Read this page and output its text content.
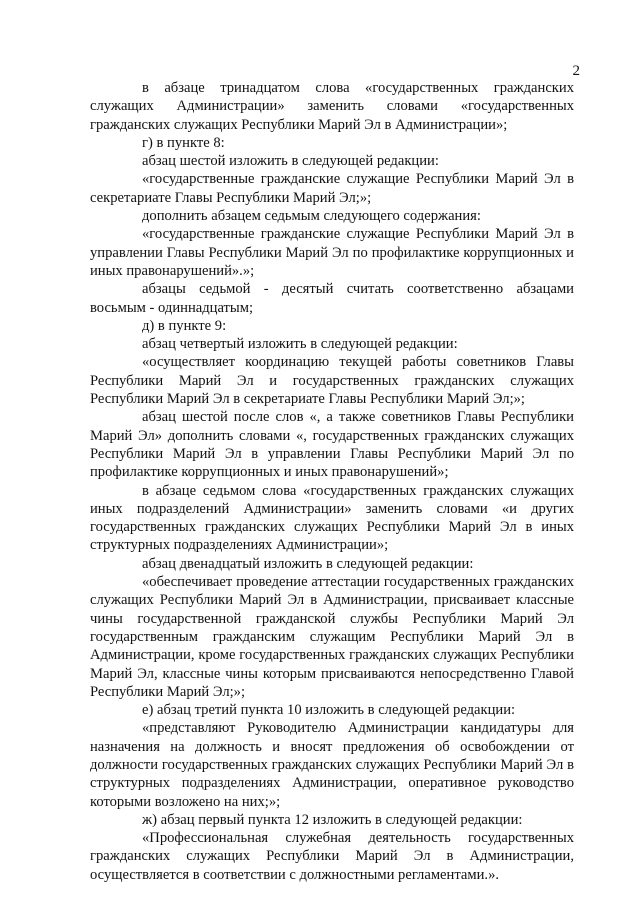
2

в абзаце тринадцатом слова «государственных гражданских служащих Администрации» заменить словами «государственных гражданских служащих Республики Марий Эл в Администрации»;

г) в пункте 8:

абзац шестой изложить в следующей редакции:

«государственные гражданские служащие Республики Марий Эл в секретариате Главы Республики Марий Эл;»;

дополнить абзацем седьмым следующего содержания:

«государственные гражданские служащие Республики Марий Эл в управлении Главы Республики Марий Эл по профилактике коррупционных и иных правонарушений».»;

абзацы седьмой - десятый считать соответственно абзацами восьмым - одиннадцатым;

д) в пункте 9:

абзац четвертый изложить в следующей редакции:

«осуществляет координацию текущей работы советников Главы Республики Марий Эл и государственных гражданских служащих Республики Марий Эл в секретариате Главы Республики Марий Эл;»;

абзац шестой после слов «, а также советников Главы Республики Марий Эл» дополнить словами «, государственных гражданских служащих Республики Марий Эл в управлении Главы Республики Марий Эл по профилактике коррупционных и иных правонарушений»;

в абзаце седьмом слова «государственных гражданских служащих иных подразделений Администрации» заменить словами «и других государственных гражданских служащих Республики Марий Эл в иных структурных подразделениях Администрации»;

абзац двенадцатый изложить в следующей редакции:

«обеспечивает проведение аттестации государственных гражданских служащих Республики Марий Эл в Администрации, присваивает классные чины государственной гражданской службы Республики Марий Эл государственным гражданским служащим Республики Марий Эл в Администрации, кроме государственных гражданских служащих Республики Марий Эл, классные чины которым присваиваются непосредственно Главой Республики Марий Эл;»;

е) абзац третий пункта 10 изложить в следующей редакции:

«представляют Руководителю Администрации кандидатуры для назначения на должность и вносят предложения об освобождении от должности государственных гражданских служащих Республики Марий Эл в структурных подразделениях Администрации, оперативное руководство которыми возложено на них;»;

ж) абзац первый пункта 12 изложить в следующей редакции:

«Профессиональная служебная деятельность государственных гражданских служащих Республики Марий Эл в Администрации, осуществляется в соответствии с должностными регламентами.».
